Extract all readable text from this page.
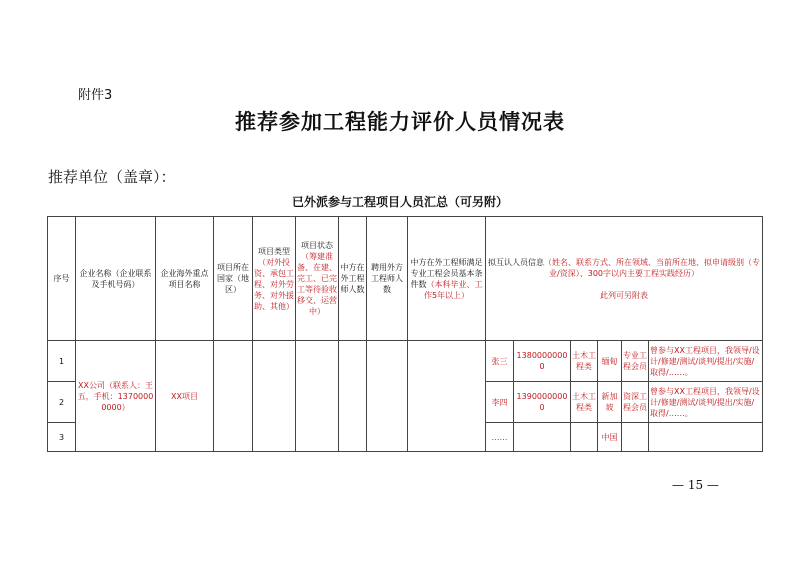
附件3
推荐参加工程能力评价人员情况表
推荐单位（盖章）：
已外派参与工程项目人员汇总（可另附）
序号	企业名称（企业联系及手机号码）	企业海外重点项目名称	项目所在国家（地区）	项目类型（对外投资、承包工程、对外劳务、对外援助、其他）	项目状态（筹建准备、在建、完工、已完工等待验收移交、运营中）	中方在外工程师人数	聘用外方工程师人数	中方在外工程师满足专业工程会员基本条件数（本科毕业、工作5年以上）	拟互认人员信息（姓名、联系方式、所在领域、当前所在地、拟申请级别（专业/资深）、300字以内主要工程实践经历）

此列可另附表					
1	XX公司（联系人：王五，手机：13700000000）	XX项目							张三	13800000000	土木工程类	缅甸	专业工程会员	曾参与XX工程项目，我领导/设计/修建/测试/谈判/提出/实施/取得/……。
2									李四	13900000000	土木工程类	新加坡	资深工程会员	曾参与XX工程项目，我领导/设计/修建/测试/谈判/提出/实施/取得/……。
3									……			中国		
— 15 —
